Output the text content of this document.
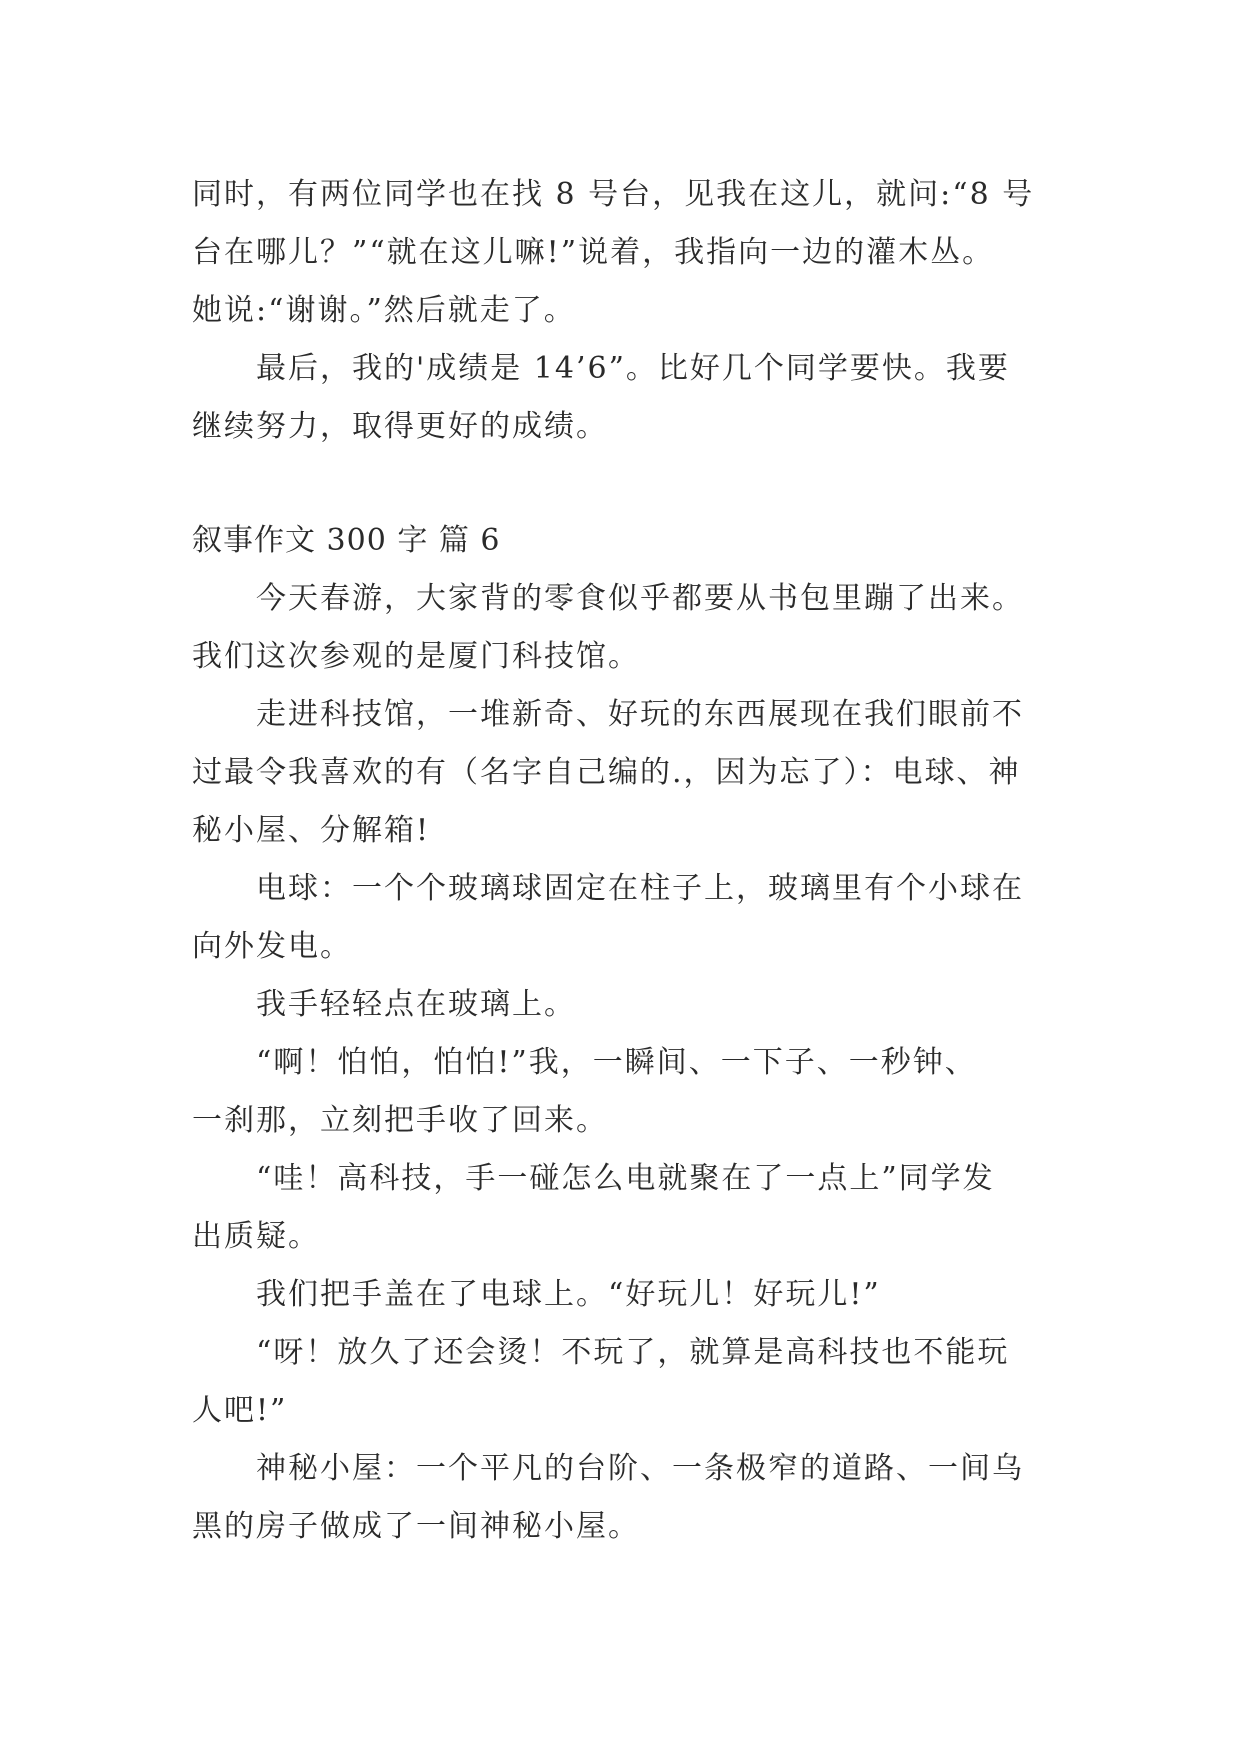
同时，有两位同学也在找 8 号台，见我在这儿，就问:“8 号
台在哪儿？”“就在这儿嘛!”说着，我指向一边的灌木丛。
她说:“谢谢。”然后就走了。
最后，我的'成绩是 14’6”。比好几个同学要快。我要
继续努力，取得更好的成绩。
叙事作文 300 字 篇 6
今天春游，大家背的零食似乎都要从书包里蹦了出来。
我们这次参观的是厦门科技馆。
走进科技馆，一堆新奇、好玩的东西展现在我们眼前不
过最令我喜欢的有（名字自己编的.，因为忘了）：电球、神
秘小屋、分解箱!
电球：一个个玻璃球固定在柱子上，玻璃里有个小球在
向外发电。
我手轻轻点在玻璃上。
“啊！怕怕，怕怕!”我，一瞬间、一下子、一秒钟、
一刹那，立刻把手收了回来。
“哇！高科技，手一碰怎么电就聚在了一点上”同学发
出质疑。
我们把手盖在了电球上。“好玩儿！好玩儿!”
“呀！放久了还会烫！不玩了，就算是高科技也不能玩
人吧!”
神秘小屋：一个平凡的台阶、一条极窄的道路、一间乌
黑的房子做成了一间神秘小屋。
